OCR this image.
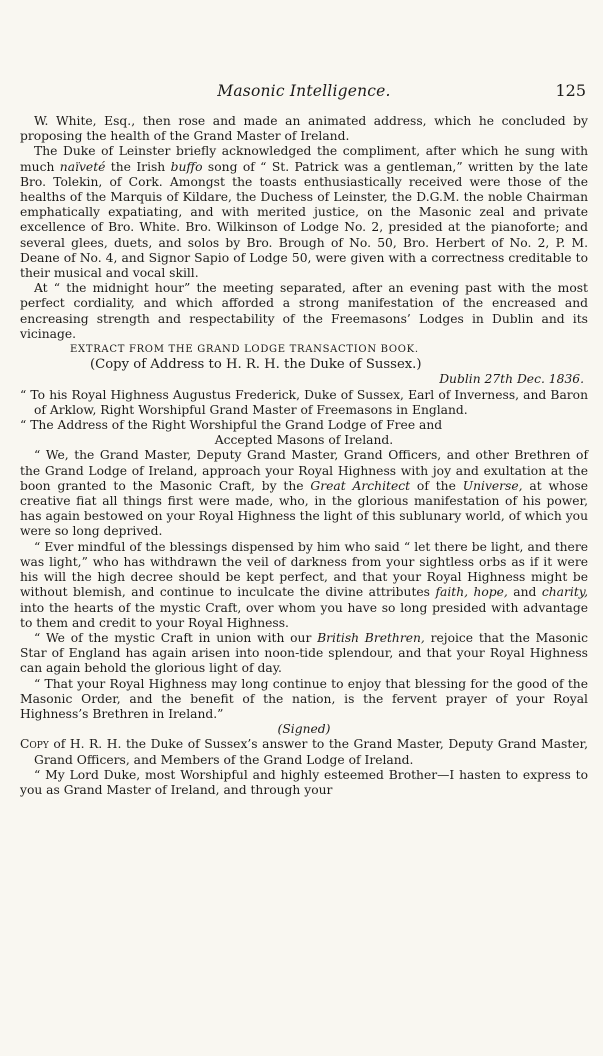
Masonic Intelligence.	125

W. White, Esq., then rose and made an animated address, which he concluded by proposing the health of the Grand Master of Ireland.

The Duke of Leinster briefly acknowledged the compliment, after which he sung with much naïveté the Irish buffo song of “ St. Patrick was a gentleman,” written by the late Bro. Tolekin, of Cork. Amongst the toasts enthusiastically received were those of the healths of the Marquis of Kildare, the Duchess of Leinster, the D.G.M. the noble Chairman emphatically expatiating, and with merited justice, on the Masonic zeal and private excellence of Bro. White. Bro. Wilkinson of Lodge No. 2, presided at the pianoforte; and several glees, duets, and solos by Bro. Brough of No. 50, Bro. Herbert of No. 2, P. M. Deane of No. 4, and Signor Sapio of Lodge 50, were given with a correctness creditable to their musical and vocal skill.

At “ the midnight hour” the meeting separated, after an evening past with the most perfect cordiality, and which afforded a strong manifestation of the encreased and encreasing strength and respectability of the Freemasons’ Lodges in Dublin and its vicinage.

EXTRACT FROM THE GRAND LODGE TRANSACTION BOOK.

(Copy of Address to H. R. H. the Duke of Sussex.)

Dublin 27th Dec. 1836.

“ To his Royal Highness Augustus Frederick, Duke of Sussex, Earl of Inverness, and Baron of Arklow, Right Worshipful Grand Master of Freemasons in England.

“ The Address of the Right Worshipful the Grand Lodge of Free and

Accepted Masons of Ireland.

“ We, the Grand Master, Deputy Grand Master, Grand Officers, and other Brethren of the Grand Lodge of Ireland, approach your Royal Highness with joy and exultation at the boon granted to the Masonic Craft, by the Great Architect of the Universe, at whose creative fiat all things first were made, who, in the glorious manifestation of his power, has again bestowed on your Royal Highness the light of this sublunary world, of which you were so long deprived.

“ Ever mindful of the blessings dispensed by him who said “ let there be light, and there was light,” who has withdrawn the veil of darkness from your sightless orbs as if it were his will the high decree should be kept perfect, and that your Royal Highness might be without blemish, and continue to inculcate the divine attributes faith, hope, and charity, into the hearts of the mystic Craft, over whom you have so long presided with advantage to them and credit to your Royal Highness.

“ We of the mystic Craft in union with our British Brethren, rejoice that the Masonic Star of England has again arisen into noon-tide splendour, and that your Royal Highness can again behold the glorious light of day.

“ That your Royal Highness may long continue to enjoy that blessing for the good of the Masonic Order, and the benefit of the nation, is the fervent prayer of your Royal Highness’s Brethren in Ireland.”

(Signed)

Copy of H. R. H. the Duke of Sussex’s answer to the Grand Master, Deputy Grand Master, Grand Officers, and Members of the Grand Lodge of Ireland.

“ My Lord Duke, most Worshipful and highly esteemed Brother—I hasten to express to you as Grand Master of Ireland, and through your
